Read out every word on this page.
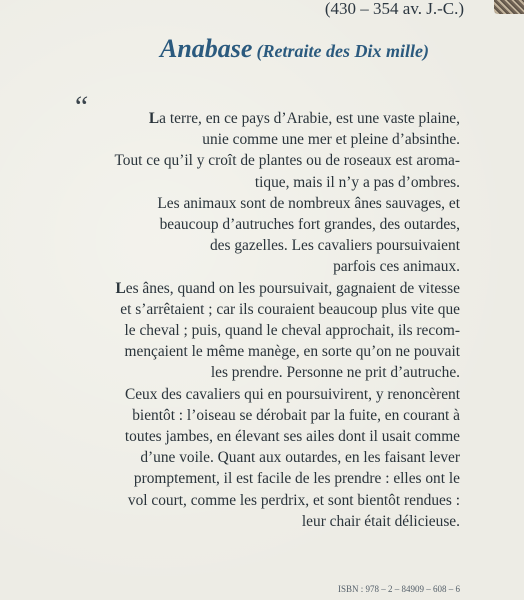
(430 – 354 av. J.-C.)
Anabase (Retraite des Dix mille)
“	La terre, en ce pays d’Arabie, est une vaste plaine,
unie comme une mer et pleine d’absinthe.
Tout ce qu’il y croît de plantes ou de roseaux est aroma-
tique, mais il n’y a pas d’ombres.
Les animaux sont de nombreux ânes sauvages, et
beaucoup d’autruches fort grandes, des outardes,
des gazelles. Les cavaliers poursuivaient
parfois ces animaux.
Les ânes, quand on les poursuivait, gagnaient de vitesse
et s’arrêtaient ; car ils couraient beaucoup plus vite que
le cheval ; puis, quand le cheval approchait, ils recom-
mençaient le même manège, en sorte qu’on ne pouvait
les prendre. Personne ne prit d’autruche.
Ceux des cavaliers qui en poursuivirent, y renoncèrent
bientôt : l’oiseau se dérobait par la fuite, en courant à
toutes jambes, en élevant ses ailes dont il usait comme
d’une voile. Quant aux outardes, en les faisant lever
promptement, il est facile de les prendre : elles ont le
vol court, comme les perdrix, et sont bientôt rendues :
leur chair était délicieuse.
ISBN : 978 – 2 – 84909 – 608 – 6
